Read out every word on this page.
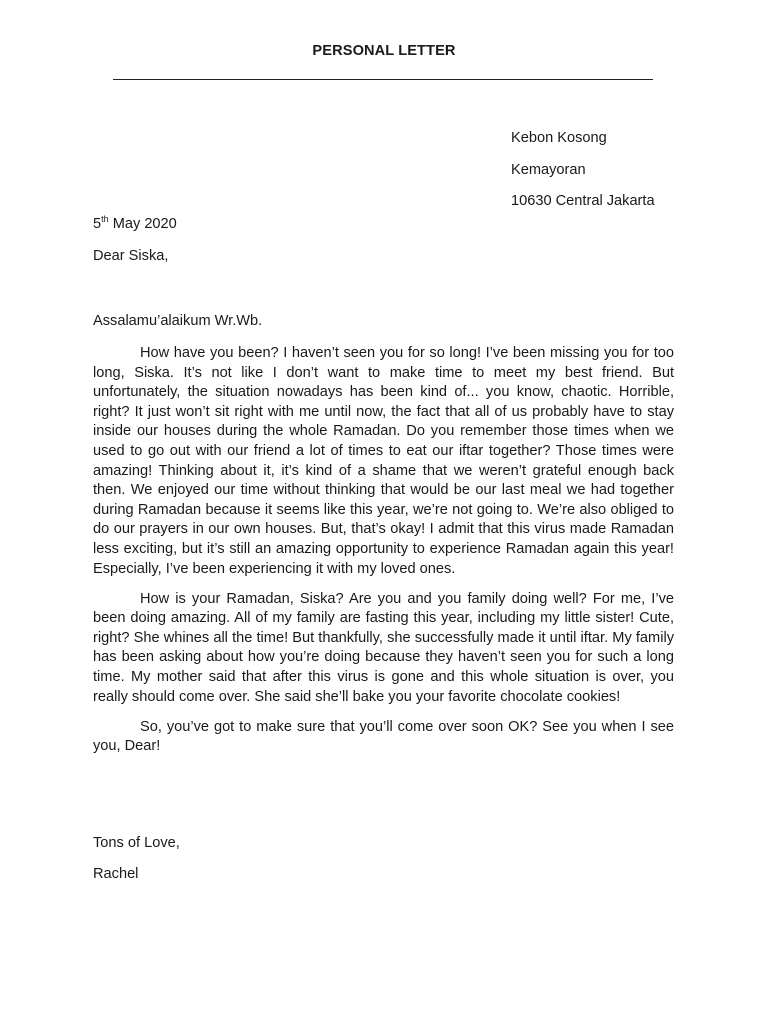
PERSONAL LETTER
Kebon Kosong
Kemayoran
10630 Central Jakarta
5th May 2020
Dear Siska,
Assalamu’alaikum Wr.Wb.

How have you been? I haven’t seen you for so long! I’ve been missing you for too long, Siska. It’s not like I don’t want to make time to meet my best friend. But unfortunately, the situation nowadays has been kind of... you know, chaotic. Horrible, right? It just won’t sit right with me until now, the fact that all of us probably have to stay inside our houses during the whole Ramadan. Do you remember those times when we used to go out with our friend a lot of times to eat our iftar together? Those times were amazing! Thinking about it, it’s kind of a shame that we weren’t grateful enough back then. We enjoyed our time without thinking that would be our last meal we had together during Ramadan because it seems like this year, we’re not going to. We’re also obliged to do our prayers in our own houses. But, that’s okay! I admit that this virus made Ramadan less exciting, but it’s still an amazing opportunity to experience Ramadan again this year! Especially, I’ve been experiencing it with my loved ones.

How is your Ramadan, Siska? Are you and you family doing well? For me, I’ve been doing amazing. All of my family are fasting this year, including my little sister! Cute, right? She whines all the time! But thankfully, she successfully made it until iftar. My family has been asking about how you’re doing because they haven’t seen you for such a long time. My mother said that after this virus is gone and this whole situation is over, you really should come over. She said she’ll bake you your favorite chocolate cookies!

So, you’ve got to make sure that you’ll come over soon OK? See you when I see you, Dear!

Tons of Love,
Rachel
